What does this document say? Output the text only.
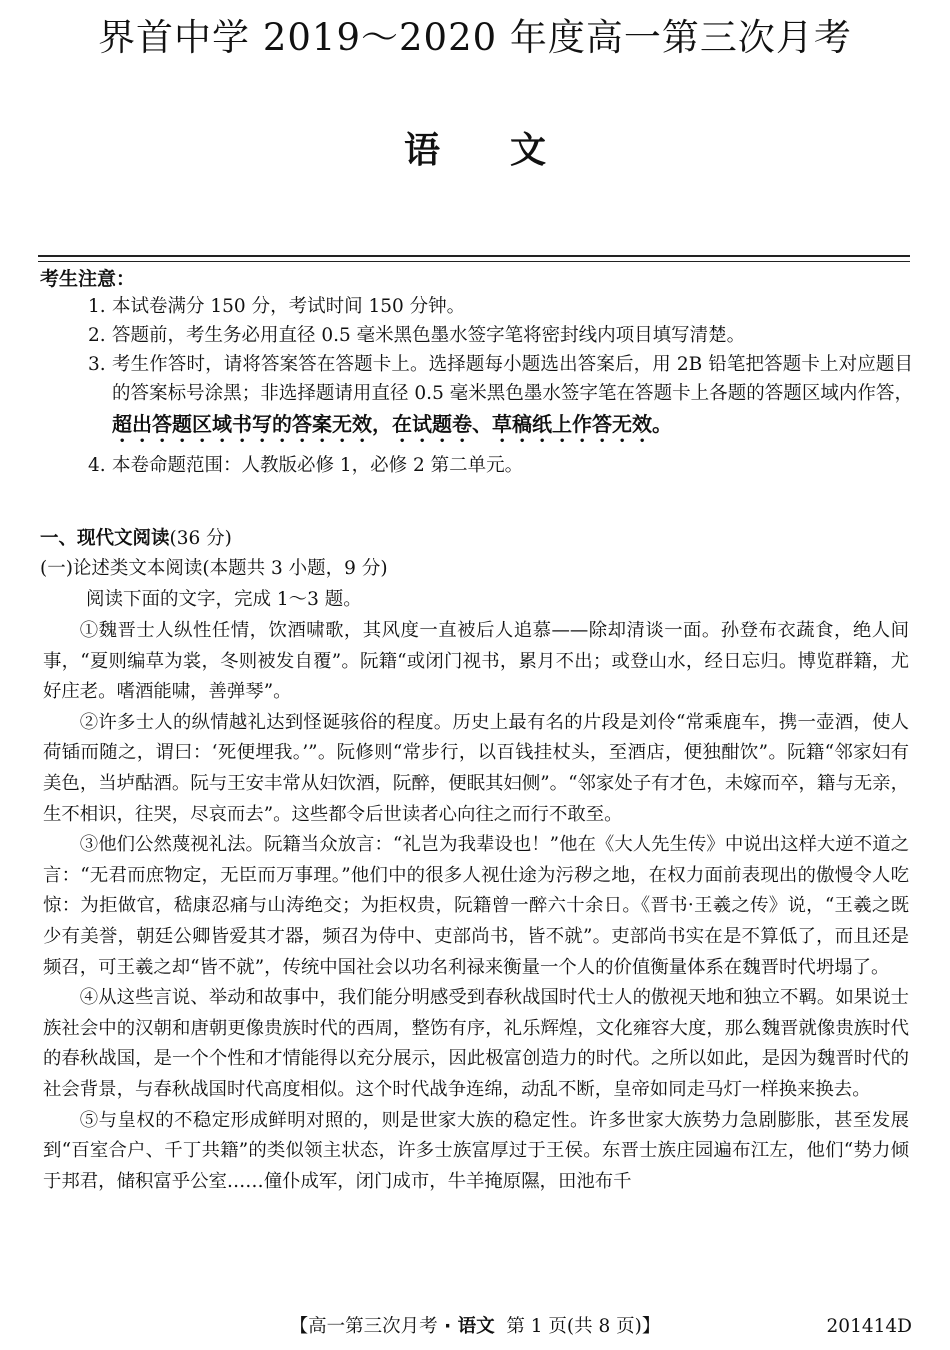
界首中学 2019～2020 年度高一第三次月考
语文
考生注意：
1. 本试卷满分 150 分，考试时间 150 分钟。
2. 答题前，考生务必用直径 0.5 毫米黑色墨水签字笔将密封线内项目填写清楚。
3. 考生作答时，请将答案答在答题卡上。选择题每小题选出答案后，用 2B 铅笔把答题卡上对应题目的答案标号涂黑；非选择题请用直径 0.5 毫米黑色墨水签字笔在答题卡上各题的答题区域内作答，超出答题区域书写的答案无效，在试题卷、草稿纸上作答无效。
4. 本卷命题范围：人教版必修 1，必修 2 第二单元。
一、现代文阅读(36 分)
(一)论述类文本阅读(本题共 3 小题，9 分)
阅读下面的文字，完成 1～3 题。

①魏晋士人纵性任情，饮酒啸歌，其风度一直被后人追慕——除却清谈一面。孙登布衣蔬食，绝人间事，“夏则编草为裳，冬则被发自覆”。阮籍“或闭门视书，累月不出；或登山水，经日忘归。博览群籍，尤好庄老。嗜酒能啸，善弹琴”。

②许多士人的纵情越礼达到怪诞骇俗的程度。历史上最有名的片段是刘伶“常乘鹿车，携一壶酒，使人荷锸而随之，谓曰：‘死便埋我。’”。阮修则“常步行，以百钱挂杖头，至酒店，便独酣饮”。阮籍“邻家妇有美色，当垆酤酒。阮与王安丰常从妇饮酒，阮醉，便眠其妇侧”。“邻家处子有才色，未嫁而卒，籍与无亲，生不相识，往哭，尽哀而去”。这些都令后世读者心向往之而行不敢至。

③他们公然蔑视礼法。阮籍当众放言：“礼岂为我辈设也！”他在《大人先生传》中说出这样大逆不道之言：“无君而庶物定，无臣而万事理。”他们中的很多人视仕途为污秽之地，在权力面前表现出的傲慢令人吃惊：为拒做官，嵇康忍痛与山涛绝交；为拒权贵，阮籍曾一醉六十余日。《晋书·王羲之传》说，“王羲之既少有美誉，朝廷公卿皆爱其才器，频召为侍中、吏部尚书，皆不就”。吏部尚书实在是不算低了，而且还是频召，可王羲之却“皆不就”，传统中国社会以功名利禄来衡量一个人的价值衡量体系在魏晋时代坍塌了。

④从这些言说、举动和故事中，我们能分明感受到春秋战国时代士人的傲视天地和独立不羁。如果说士族社会中的汉朝和唐朝更像贵族时代的西周，整饬有序，礼乐辉煌，文化雍容大度，那么魏晋就像贵族时代的春秋战国，是一个个性和才情能得以充分展示，因此极富创造力的时代。之所以如此，是因为魏晋时代的社会背景，与春秋战国时代高度相似。这个时代战争连绵，动乱不断，皇帝如同走马灯一样换来换去。

⑤与皇权的不稳定形成鲜明对照的，则是世家大族的稳定性。许多世家大族势力急剧膨胀，甚至发展到“百室合户、千丁共籍”的类似领主状态，许多士族富厚过于王侯。东晋士族庄园遍布江左，他们“势力倾于邦君，储积富乎公室……僮仆成军，闭门成市，牛羊掩原隰，田池布千

【高一第三次月考 · 语文 第 1 页(共 8 页)】	201414D
